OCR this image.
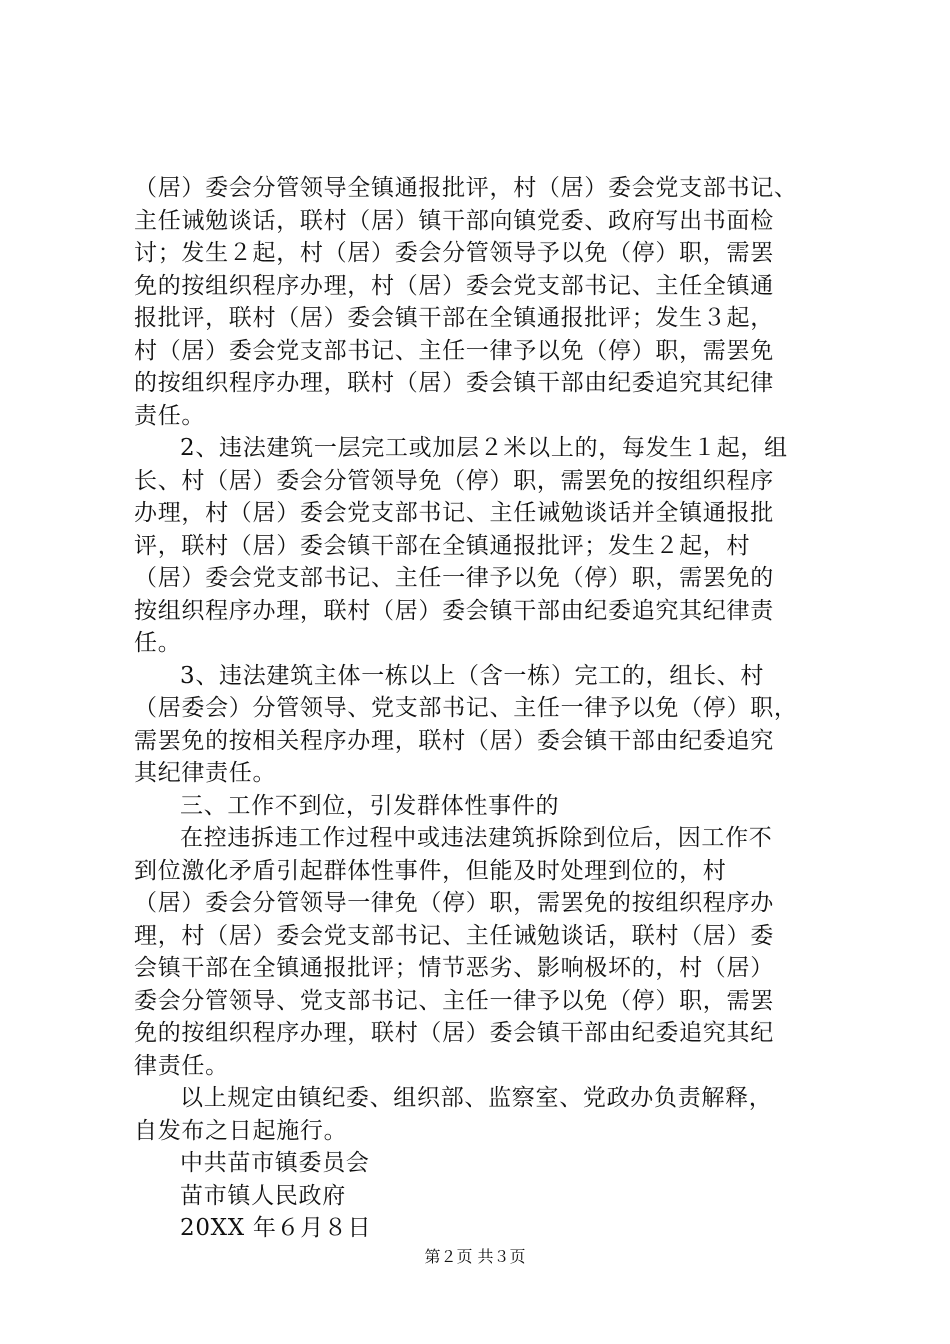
（居）委会分管领导全镇通报批评，村（居）委会党支部书记、
主任诫勉谈话，联村（居）镇干部向镇党委、政府写出书面检
讨；发生２起，村（居）委会分管领导予以免（停）职，需罢
免的按组织程序办理，村（居）委会党支部书记、主任全镇通
报批评，联村（居）委会镇干部在全镇通报批评；发生３起，
村（居）委会党支部书记、主任一律予以免（停）职，需罢免
的按组织程序办理，联村（居）委会镇干部由纪委追究其纪律
责任。
2、违法建筑一层完工或加层２米以上的，每发生１起，组
长、村（居）委会分管领导免（停）职，需罢免的按组织程序
办理，村（居）委会党支部书记、主任诫勉谈话并全镇通报批
评，联村（居）委会镇干部在全镇通报批评；发生２起，村
（居）委会党支部书记、主任一律予以免（停）职，需罢免的
按组织程序办理，联村（居）委会镇干部由纪委追究其纪律责
任。
3、违法建筑主体一栋以上（含一栋）完工的，组长、村
（居委会）分管领导、党支部书记、主任一律予以免（停）职，
需罢免的按相关程序办理，联村（居）委会镇干部由纪委追究
其纪律责任。
三、工作不到位，引发群体性事件的
在控违拆违工作过程中或违法建筑拆除到位后，因工作不
到位激化矛盾引起群体性事件，但能及时处理到位的，村
（居）委会分管领导一律免（停）职，需罢免的按组织程序办
理，村（居）委会党支部书记、主任诫勉谈话，联村（居）委
会镇干部在全镇通报批评；情节恶劣、影响极坏的，村（居）
委会分管领导、党支部书记、主任一律予以免（停）职，需罢
免的按组织程序办理，联村（居）委会镇干部由纪委追究其纪
律责任。
以上规定由镇纪委、组织部、监察室、党政办负责解释，
自发布之日起施行。
中共苗市镇委员会
苗市镇人民政府
20XX 年６月８日
第２页 共３页
